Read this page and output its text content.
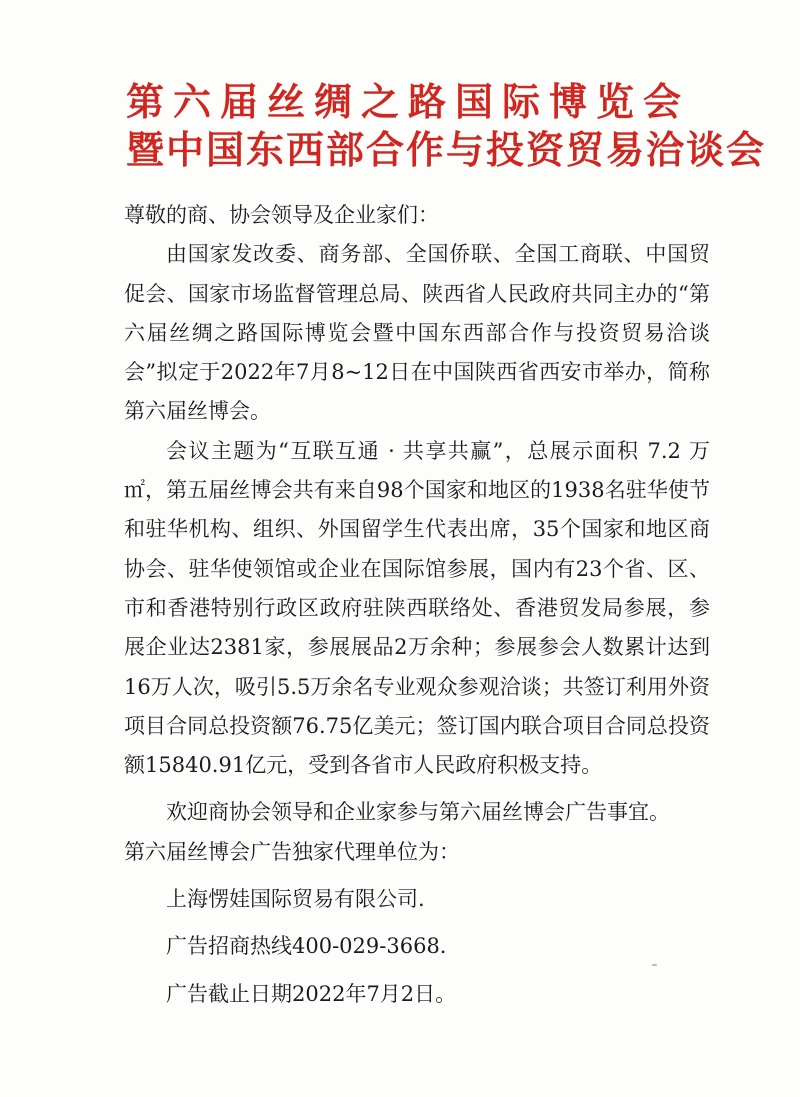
第六届丝绸之路国际博览会
暨中国东西部合作与投资贸易洽谈会

尊敬的商、协会领导及企业家们：

由国家发改委、商务部、全国侨联、全国工商联、中国贸促会、国家市场监督管理总局、陕西省人民政府共同主办的“第六届丝绸之路国际博览会暨中国东西部合作与投资贸易洽谈会”拟定于2022年7月8~12日在中国陕西省西安市举办，简称第六届丝博会。

会议主题为“互联互通 · 共享共赢”，总展示面积 7.2 万㎡，第五届丝博会共有来自98个国家和地区的1938名驻华使节和驻华机构、组织、外国留学生代表出席，35个国家和地区商协会、驻华使领馆或企业在国际馆参展，国内有23个省、区、市和香港特别行政区政府驻陕西联络处、香港贸发局参展，参展企业达2381家，参展展品2万余种；参展参会人数累计达到16万人次，吸引5.5万余名专业观众参观洽谈；共签订利用外资项目合同总投资额76.75亿美元；签订国内联合项目合同总投资额15840.91亿元，受到各省市人民政府积极支持。

欢迎商协会领导和企业家参与第六届丝博会广告事宜。

第六届丝博会广告独家代理单位为：

上海愣娃国际贸易有限公司.

广告招商热线400-029-3668.

广告截止日期2022年7月2日。
